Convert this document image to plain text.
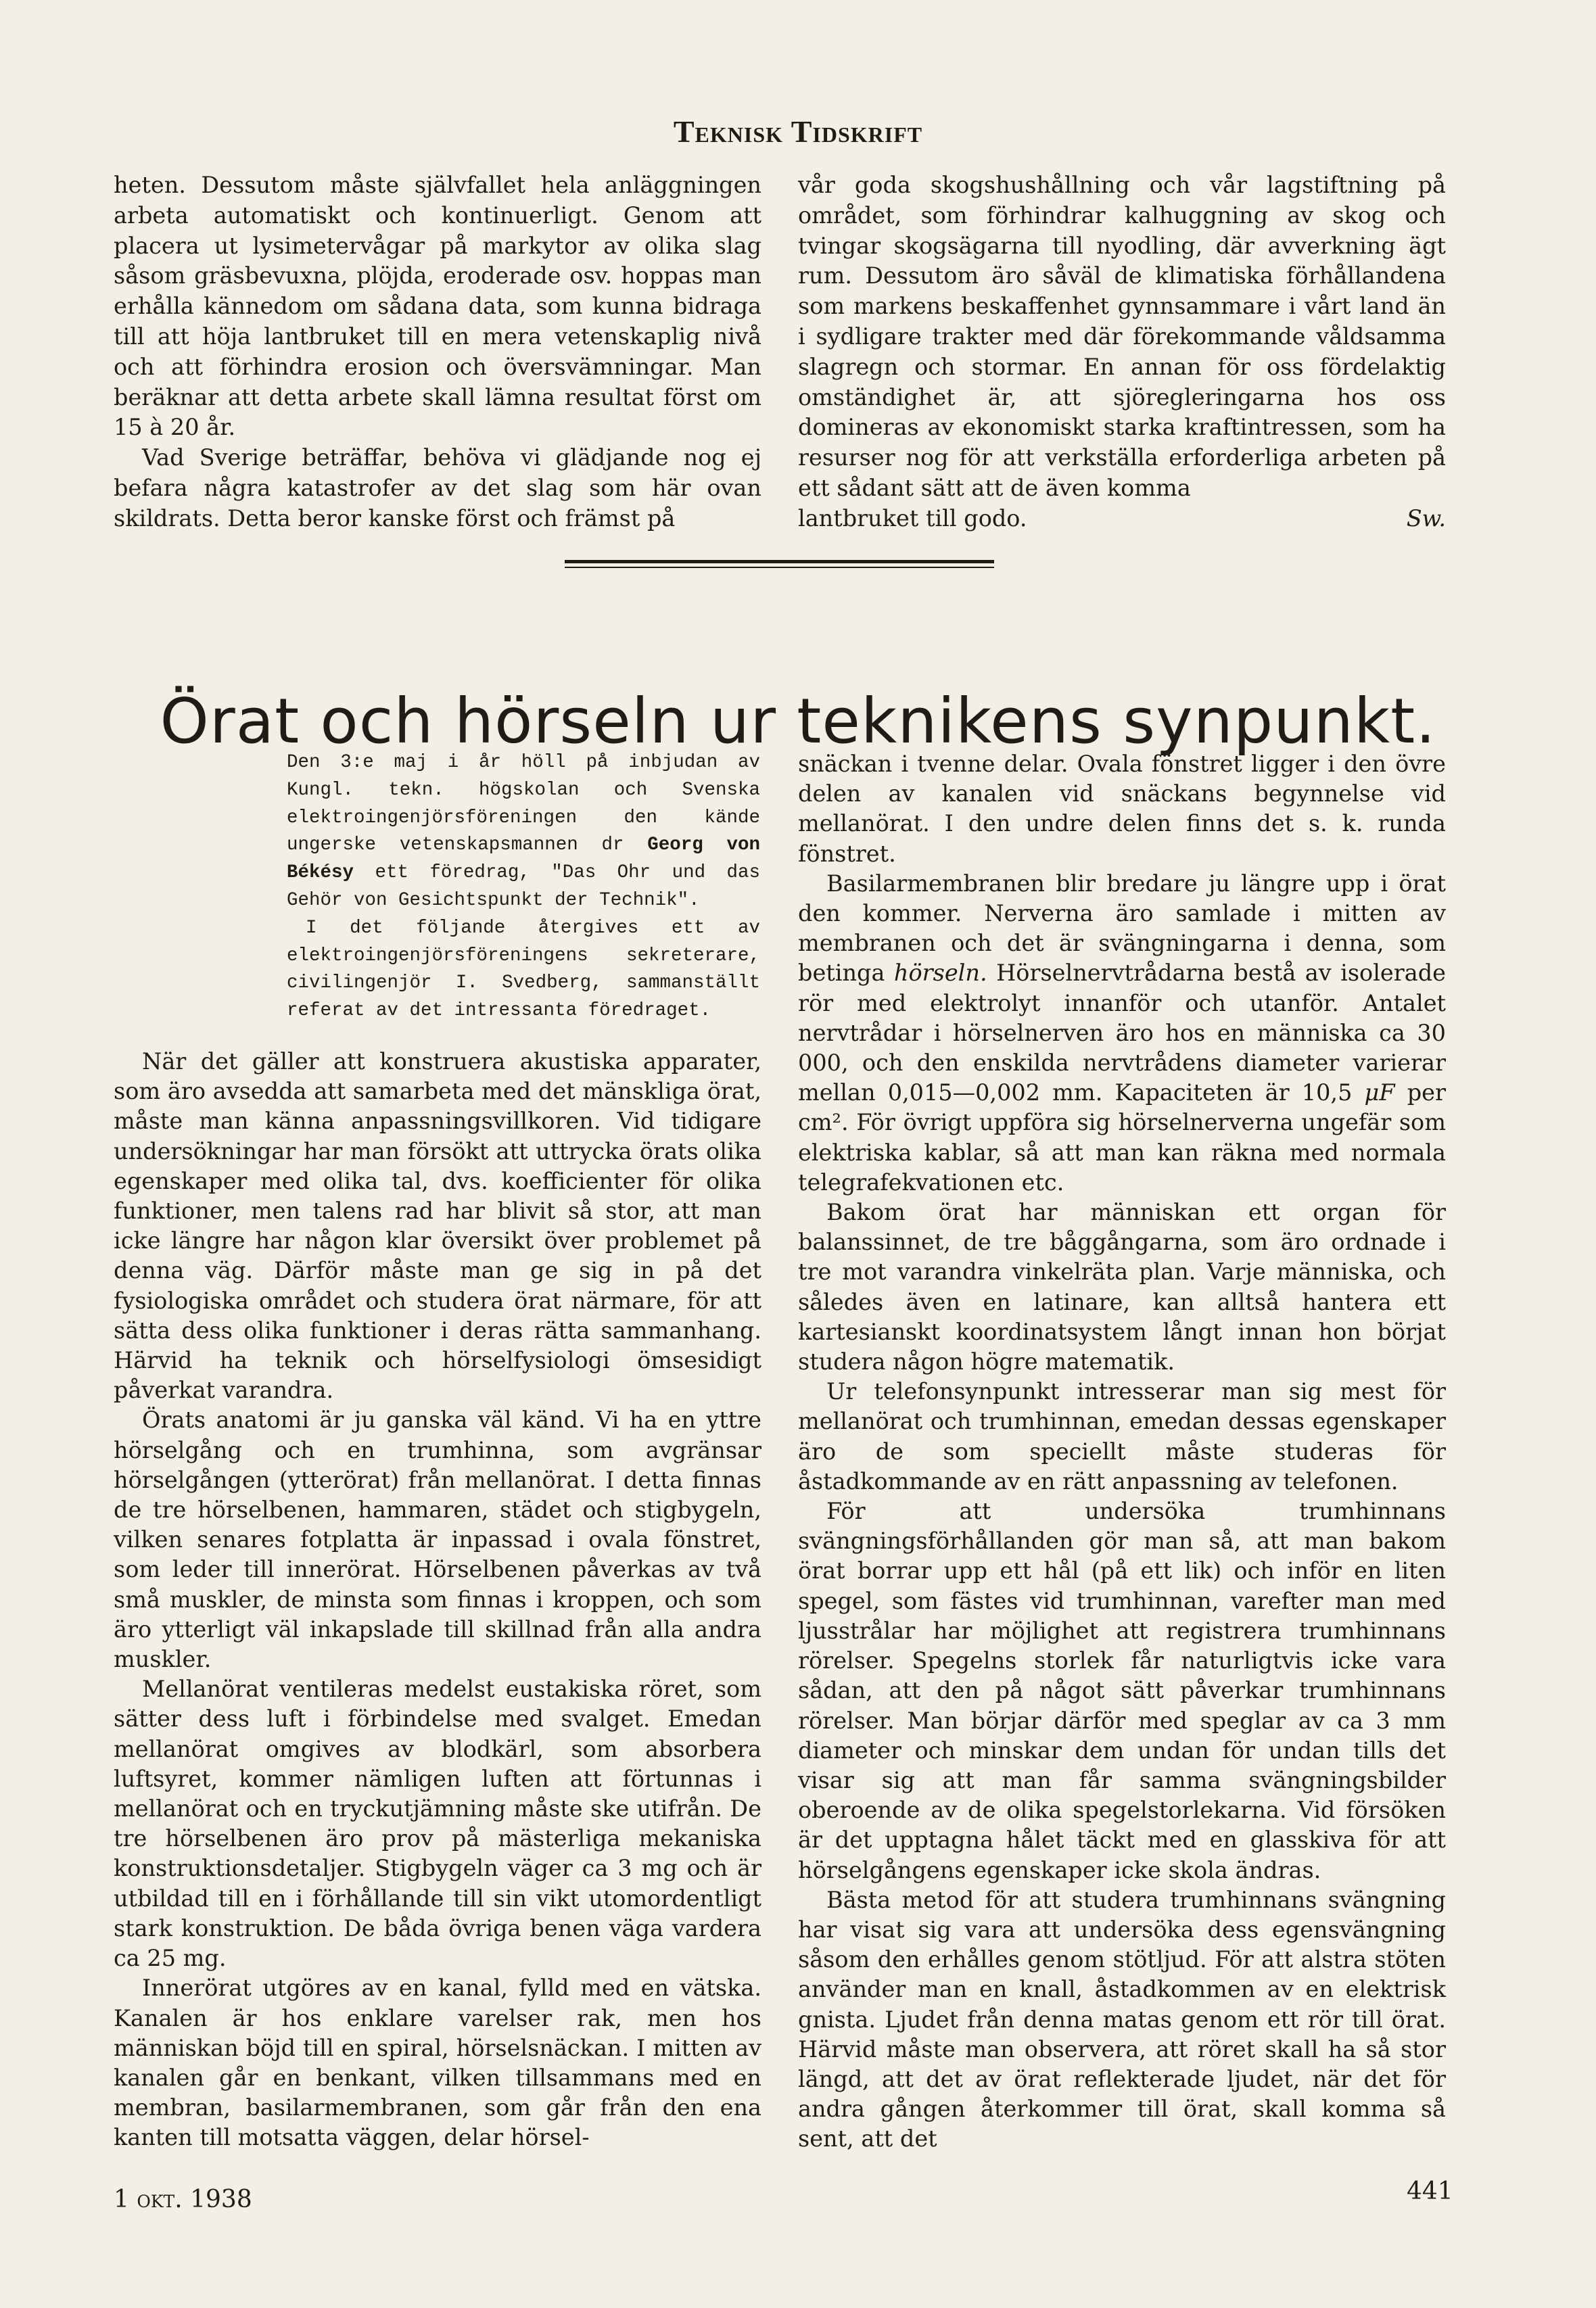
Teknisk Tidskrift

heten. Dessutom måste självfallet hela anläggningen arbeta automatiskt och kontinuerligt. Genom att placera ut lysimetervågar på markytor av olika slag såsom gräsbevuxna, plöjda, eroderade osv. hoppas man erhålla kännedom om sådana data, som kunna bidraga till att höja lantbruket till en mera vetenskaplig nivå och att förhindra erosion och översvämningar. Man beräknar att detta arbete skall lämna resultat först om 15 à 20 år.

Vad Sverige beträffar, behöva vi glädjande nog ej befara några katastrofer av det slag som här ovan skildrats. Detta beror kanske först och främst på

vår goda skogshushållning och vår lagstiftning på området, som förhindrar kalhuggning av skog och tvingar skogsägarna till nyodling, där avverkning ägt rum. Dessutom äro såväl de klimatiska förhållandena som markens beskaffenhet gynnsammare i vårt land än i sydligare trakter med där förekommande våldsamma slagregn och stormar. En annan för oss fördelaktig omständighet är, att sjöregleringarna hos oss domineras av ekonomiskt starka kraftintressen, som ha resurser nog för att verkställa erforderliga arbeten på ett sådant sätt att de även komma

lantbruket till godo.	Sw.
Örat och hörseln ur teknikens synpunkt.

Den 3:e maj i år höll på inbjudan av Kungl. tekn. högskolan och Svenska elektroingenjörsföreningen den kände ungerske vetenskapsmannen dr Georg von Békésy ett föredrag, "Das Ohr und das Gehör von Gesichtspunkt der Technik".

I det följande återgives ett av elektroingenjörsföreningens sekreterare, civilingenjör I. Svedberg, sammanställt referat av det intressanta föredraget.

När det gäller att konstruera akustiska apparater, som äro avsedda att samarbeta med det mänskliga örat, måste man känna anpassningsvillkoren. Vid tidigare undersökningar har man försökt att uttrycka örats olika egenskaper med olika tal, dvs. koefficienter för olika funktioner, men talens rad har blivit så stor, att man icke längre har någon klar översikt över problemet på denna väg. Därför måste man ge sig in på det fysiologiska området och studera örat närmare, för att sätta dess olika funktioner i deras rätta sammanhang. Härvid ha teknik och hörselfysiologi ömsesidigt påverkat varandra.

Örats anatomi är ju ganska väl känd. Vi ha en yttre hörselgång och en trumhinna, som avgränsar hörselgången (ytterörat) från mellanörat. I detta finnas de tre hörselbenen, hammaren, städet och stigbygeln, vilken senares fotplatta är inpassad i ovala fönstret, som leder till innerörat. Hörselbenen påverkas av två små muskler, de minsta som finnas i kroppen, och som äro ytterligt väl inkapslade till skillnad från alla andra muskler.

Mellanörat ventileras medelst eustakiska röret, som sätter dess luft i förbindelse med svalget. Emedan mellanörat omgives av blodkärl, som absorbera luftsyret, kommer nämligen luften att förtunnas i mellanörat och en tryckutjämning måste ske utifrån. De tre hörselbenen äro prov på mästerliga mekaniska konstruktionsdetaljer. Stigbygeln väger ca 3 mg och är utbildad till en i förhållande till sin vikt utomordentligt stark konstruktion. De båda övriga benen väga vardera ca 25 mg.

Innerörat utgöres av en kanal, fylld med en vätska. Kanalen är hos enklare varelser rak, men hos människan böjd till en spiral, hörselsnäckan. I mitten av kanalen går en benkant, vilken tillsammans med en membran, basilarmembranen, som går från den ena kanten till motsatta väggen, delar hörsel-

snäckan i tvenne delar. Ovala fönstret ligger i den övre delen av kanalen vid snäckans begynnelse vid mellanörat. I den undre delen finns det s. k. runda fönstret.

Basilarmembranen blir bredare ju längre upp i örat den kommer. Nerverna äro samlade i mitten av membranen och det är svängningarna i denna, som betinga hörseln. Hörselnervtrådarna bestå av isolerade rör med elektrolyt innanför och utanför. Antalet nervtrådar i hörselnerven äro hos en människa ca 30 000, och den enskilda nervtrådens diameter varierar mellan 0,015—0,002 mm. Kapaciteten är 10,5 μF per cm². För övrigt uppföra sig hörselnerverna ungefär som elektriska kablar, så att man kan räkna med normala telegrafekvationen etc.

Bakom örat har människan ett organ för balanssinnet, de tre båggångarna, som äro ordnade i tre mot varandra vinkelräta plan. Varje människa, och således även en latinare, kan alltså hantera ett kartesianskt koordinatsystem långt innan hon börjat studera någon högre matematik.

Ur telefonsynpunkt intresserar man sig mest för mellanörat och trumhinnan, emedan dessas egenskaper äro de som speciellt måste studeras för åstadkommande av en rätt anpassning av telefonen.

För att undersöka trumhinnans svängningsförhållanden gör man så, att man bakom örat borrar upp ett hål (på ett lik) och inför en liten spegel, som fästes vid trumhinnan, varefter man med ljusstrålar har möjlighet att registrera trumhinnans rörelser. Spegelns storlek får naturligtvis icke vara sådan, att den på något sätt påverkar trumhinnans rörelser. Man börjar därför med speglar av ca 3 mm diameter och minskar dem undan för undan tills det visar sig att man får samma svängningsbilder oberoende av de olika spegelstorlekarna. Vid försöken är det upptagna hålet täckt med en glasskiva för att hörselgångens egenskaper icke skola ändras.

Bästa metod för att studera trumhinnans svängning har visat sig vara att undersöka dess egensvängning såsom den erhålles genom stötljud. För att alstra stöten använder man en knall, åstadkommen av en elektrisk gnista. Ljudet från denna matas genom ett rör till örat. Härvid måste man observera, att röret skall ha så stor längd, att det av örat reflekterade ljudet, när det för andra gången återkommer till örat, skall komma så sent, att det

1 okt. 1938	441
